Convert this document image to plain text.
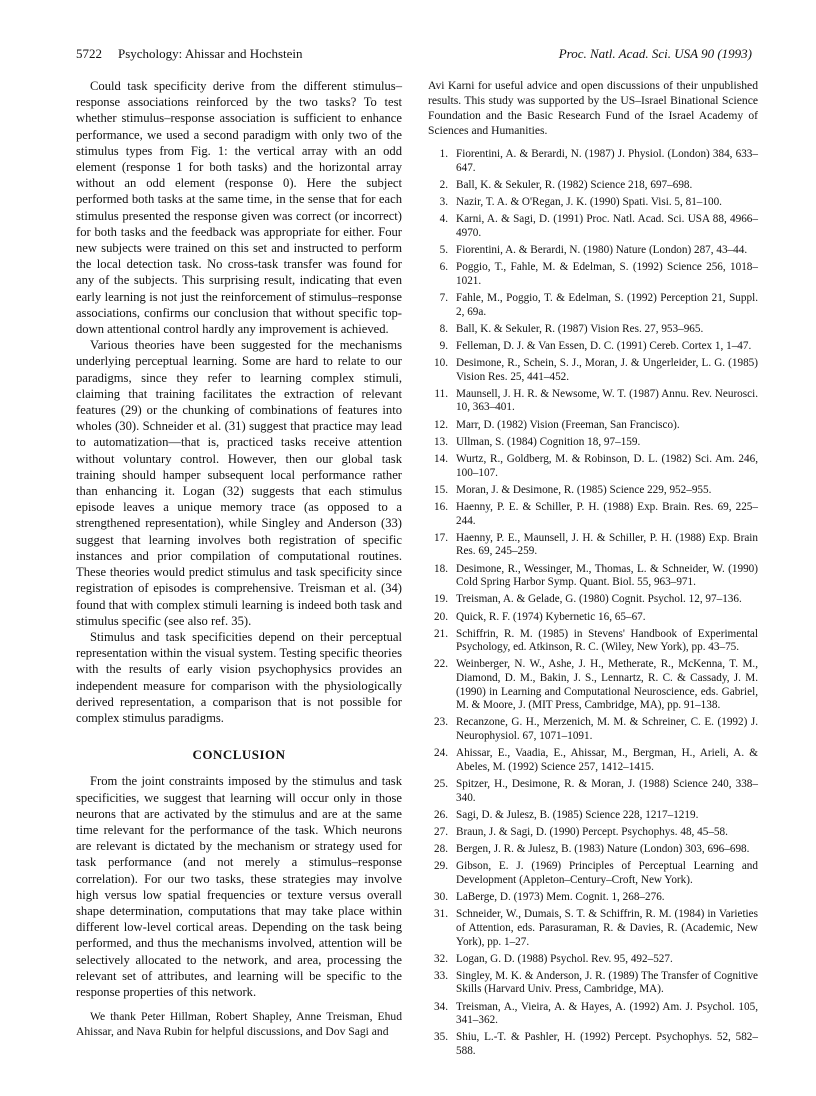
5722 Psychology: Ahissar and Hochstein	Proc. Natl. Acad. Sci. USA 90 (1993)

Could task specificity derive from the different stimulus–response associations reinforced by the two tasks? To test whether stimulus–response association is sufficient to enhance performance, we used a second paradigm with only two of the stimulus types from Fig. 1: the vertical array with an odd element (response 1 for both tasks) and the horizontal array without an odd element (response 0). Here the subject performed both tasks at the same time, in the sense that for each stimulus presented the response given was correct (or incorrect) for both tasks and the feedback was appropriate for either. Four new subjects were trained on this set and instructed to perform the local detection task. No cross-task transfer was found for any of the subjects. This surprising result, indicating that even early learning is not just the reinforcement of stimulus–response associations, confirms our conclusion that without specific top-down attentional control hardly any improvement is achieved.

Various theories have been suggested for the mechanisms underlying perceptual learning. Some are hard to relate to our paradigms, since they refer to learning complex stimuli, claiming that training facilitates the extraction of relevant features (29) or the chunking of combinations of features into wholes (30). Schneider et al. (31) suggest that practice may lead to automatization—that is, practiced tasks receive attention without voluntary control. However, then our global task training should hamper subsequent local performance rather than enhancing it. Logan (32) suggests that each stimulus episode leaves a unique memory trace (as opposed to a strengthened representation), while Singley and Anderson (33) suggest that learning involves both registration of specific instances and prior compilation of computational routines. These theories would predict stimulus and task specificity since registration of episodes is comprehensive. Treisman et al. (34) found that with complex stimuli learning is indeed both task and stimulus specific (see also ref. 35).

Stimulus and task specificities depend on their perceptual representation within the visual system. Testing specific theories with the results of early vision psychophysics provides an independent measure for comparison with the physiologically derived representation, a comparison that is not possible for complex stimulus paradigms.

CONCLUSION

From the joint constraints imposed by the stimulus and task specificities, we suggest that learning will occur only in those neurons that are activated by the stimulus and are at the same time relevant for the performance of the task. Which neurons are relevant is dictated by the mechanism or strategy used for task performance (and not merely a stimulus–response correlation). For our two tasks, these strategies may involve high versus low spatial frequencies or texture versus overall shape determination, computations that may take place within different low-level cortical areas. Depending on the task being performed, and thus the mechanisms involved, attention will be selectively allocated to the network, and area, processing the relevant set of attributes, and learning will be specific to the response properties of this network.

We thank Peter Hillman, Robert Shapley, Anne Treisman, Ehud Ahissar, and Nava Rubin for helpful discussions, and Dov Sagi and

Avi Karni for useful advice and open discussions of their unpublished results. This study was supported by the US–Israel Binational Science Foundation and the Basic Research Fund of the Israel Academy of Sciences and Humanities.

1. Fiorentini, A. & Berardi, N. (1987) J. Physiol. (London) 384, 633–647.
2. Ball, K. & Sekuler, R. (1982) Science 218, 697–698.
3. Nazir, T. A. & O'Regan, J. K. (1990) Spati. Visi. 5, 81–100.
4. Karni, A. & Sagi, D. (1991) Proc. Natl. Acad. Sci. USA 88, 4966–4970.
5. Fiorentini, A. & Berardi, N. (1980) Nature (London) 287, 43–44.
6. Poggio, T., Fahle, M. & Edelman, S. (1992) Science 256, 1018–1021.
7. Fahle, M., Poggio, T. & Edelman, S. (1992) Perception 21, Suppl. 2, 69a.
8. Ball, K. & Sekuler, R. (1987) Vision Res. 27, 953–965.
9. Felleman, D. J. & Van Essen, D. C. (1991) Cereb. Cortex 1, 1–47.
10. Desimone, R., Schein, S. J., Moran, J. & Ungerleider, L. G. (1985) Vision Res. 25, 441–452.
11. Maunsell, J. H. R. & Newsome, W. T. (1987) Annu. Rev. Neurosci. 10, 363–401.
12. Marr, D. (1982) Vision (Freeman, San Francisco).
13. Ullman, S. (1984) Cognition 18, 97–159.
14. Wurtz, R., Goldberg, M. & Robinson, D. L. (1982) Sci. Am. 246, 100–107.
15. Moran, J. & Desimone, R. (1985) Science 229, 952–955.
16. Haenny, P. E. & Schiller, P. H. (1988) Exp. Brain. Res. 69, 225–244.
17. Haenny, P. E., Maunsell, J. H. & Schiller, P. H. (1988) Exp. Brain Res. 69, 245–259.
18. Desimone, R., Wessinger, M., Thomas, L. & Schneider, W. (1990) Cold Spring Harbor Symp. Quant. Biol. 55, 963–971.
19. Treisman, A. & Gelade, G. (1980) Cognit. Psychol. 12, 97–136.
20. Quick, R. F. (1974) Kybernetic 16, 65–67.
21. Schiffrin, R. M. (1985) in Stevens' Handbook of Experimental Psychology, ed. Atkinson, R. C. (Wiley, New York), pp. 43–75.
22. Weinberger, N. W., Ashe, J. H., Metherate, R., McKenna, T. M., Diamond, D. M., Bakin, J. S., Lennartz, R. C. & Cassady, J. M. (1990) in Learning and Computational Neuroscience, eds. Gabriel, M. & Moore, J. (MIT Press, Cambridge, MA), pp. 91–138.
23. Recanzone, G. H., Merzenich, M. M. & Schreiner, C. E. (1992) J. Neurophysiol. 67, 1071–1091.
24. Ahissar, E., Vaadia, E., Ahissar, M., Bergman, H., Arieli, A. & Abeles, M. (1992) Science 257, 1412–1415.
25. Spitzer, H., Desimone, R. & Moran, J. (1988) Science 240, 338–340.
26. Sagi, D. & Julesz, B. (1985) Science 228, 1217–1219.
27. Braun, J. & Sagi, D. (1990) Percept. Psychophys. 48, 45–58.
28. Bergen, J. R. & Julesz, B. (1983) Nature (London) 303, 696–698.
29. Gibson, E. J. (1969) Principles of Perceptual Learning and Development (Appleton–Century–Croft, New York).
30. LaBerge, D. (1973) Mem. Cognit. 1, 268–276.
31. Schneider, W., Dumais, S. T. & Schiffrin, R. M. (1984) in Varieties of Attention, eds. Parasuraman, R. & Davies, R. (Academic, New York), pp. 1–27.
32. Logan, G. D. (1988) Psychol. Rev. 95, 492–527.
33. Singley, M. K. & Anderson, J. R. (1989) The Transfer of Cognitive Skills (Harvard Univ. Press, Cambridge, MA).
34. Treisman, A., Vieira, A. & Hayes, A. (1992) Am. J. Psychol. 105, 341–362.
35. Shiu, L.-T. & Pashler, H. (1992) Percept. Psychophys. 52, 582–588.
